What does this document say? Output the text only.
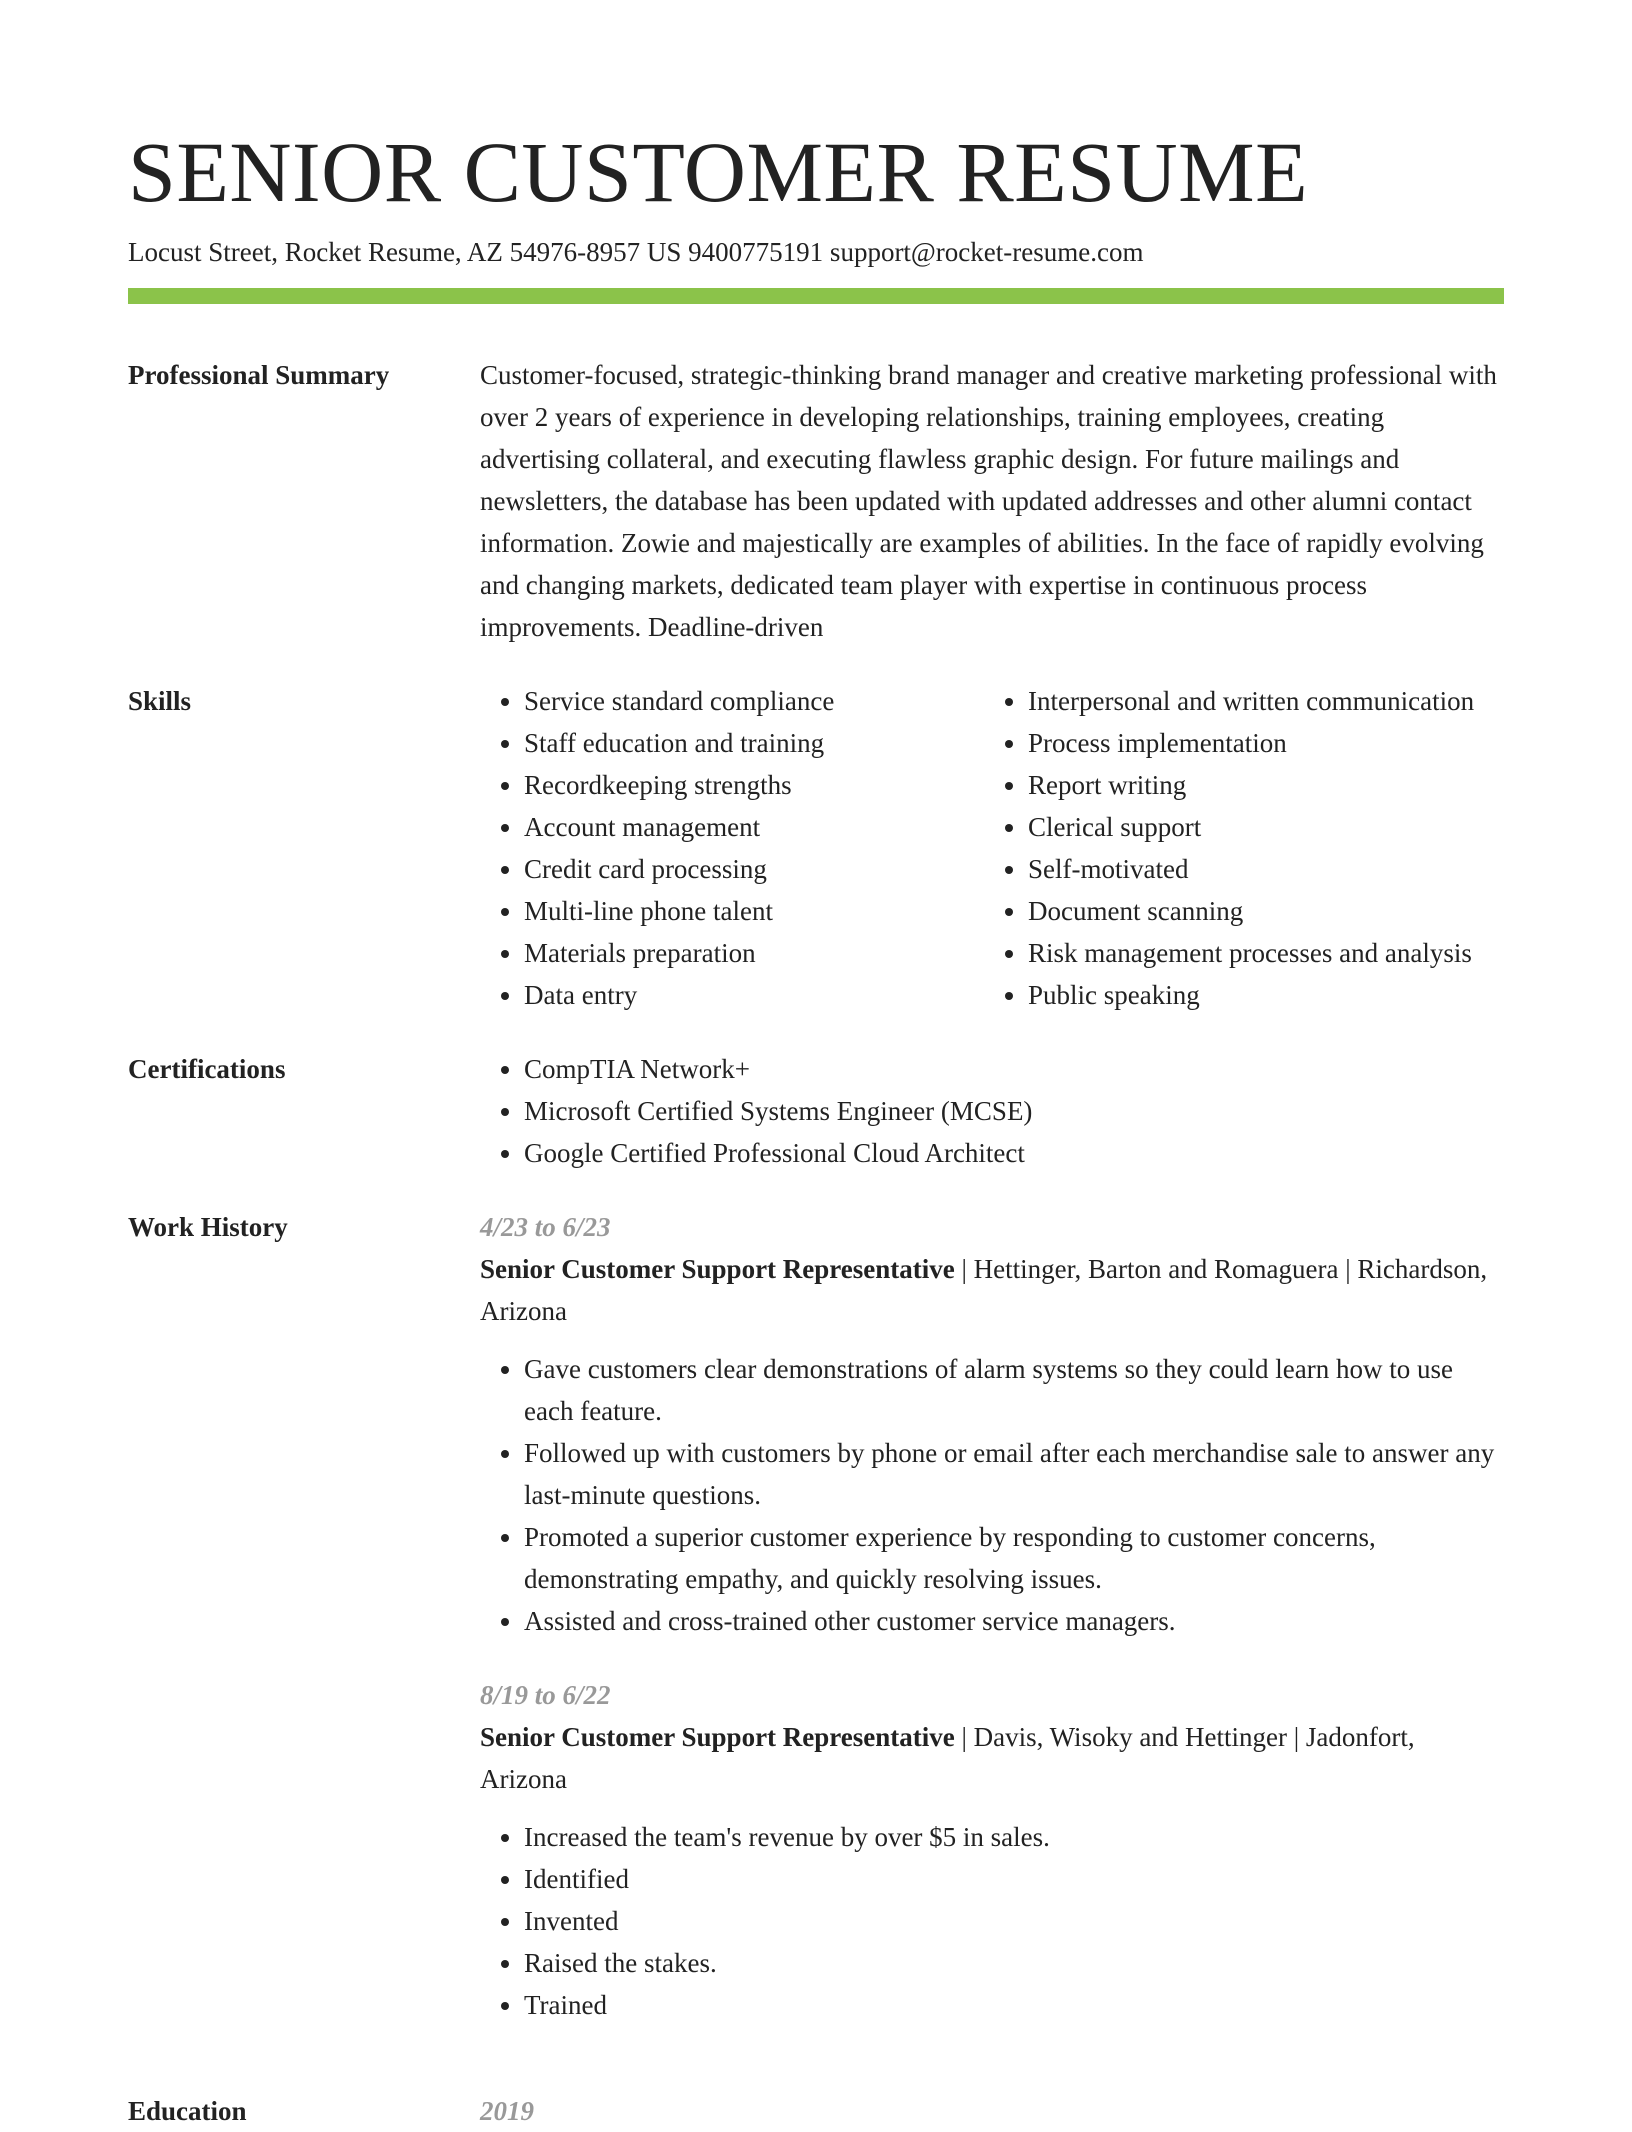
SENIOR CUSTOMER RESUME
Locust Street, Rocket Resume, AZ 54976-8957 US 9400775191 support@rocket-resume.com
Professional Summary	Customer-focused, strategic-thinking brand manager and creative marketing professional with over 2 years of experience in developing relationships, training employees, creating advertising collateral, and executing flawless graphic design. For future mailings and newsletters, the database has been updated with updated addresses and other alumni contact information. Zowie and majestically are examples of abilities. In the face of rapidly evolving and changing markets, dedicated team player with expertise in continuous process improvements. Deadline-driven
Skills	• Service standard compliance
• Staff education and training
• Recordkeeping strengths
• Account management
• Credit card processing
• Multi-line phone talent
• Materials preparation
• Data entry
• Interpersonal and written communication
• Process implementation
• Report writing
• Clerical support
• Self-motivated
• Document scanning
• Risk management processes and analysis
• Public speaking
Certifications	• CompTIA Network+
• Microsoft Certified Systems Engineer (MCSE)
• Google Certified Professional Cloud Architect
Work History	4/23 to 6/23
Senior Customer Support Representative | Hettinger, Barton and Romaguera | Richardson, Arizona
• Gave customers clear demonstrations of alarm systems so they could learn how to use each feature.
• Followed up with customers by phone or email after each merchandise sale to answer any last-minute questions.
• Promoted a superior customer experience by responding to customer concerns, demonstrating empathy, and quickly resolving issues.
• Assisted and cross-trained other customer service managers.
8/19 to 6/22
Senior Customer Support Representative | Davis, Wisoky and Hettinger | Jadonfort, Arizona
• Increased the team's revenue by over $5 in sales.
• Identified
• Invented
• Raised the stakes.
• Trained
Education	2019
